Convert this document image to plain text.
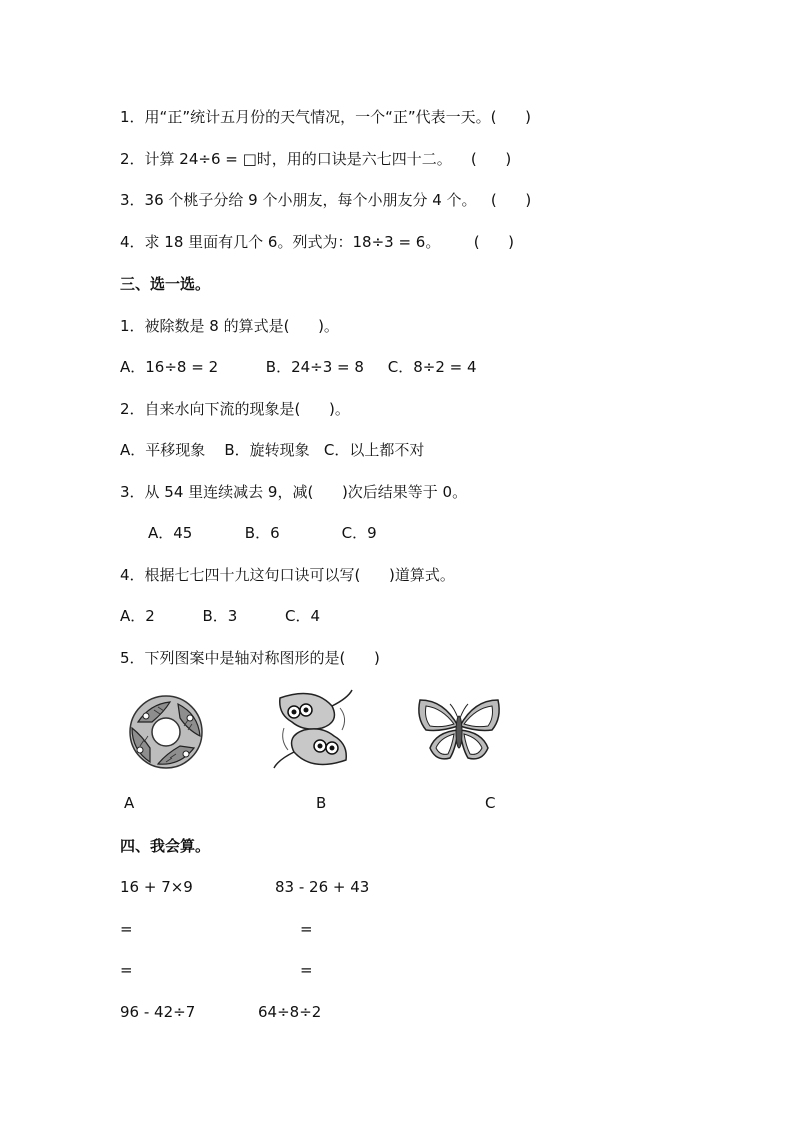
1．用“正”统计五月份的天气情况，一个“正”代表一天。(      )
2．计算 24÷6 = □时，用的口诀是六七四十二。    (      )
3．36 个桃子分给 9 个小朋友，每个小朋友分 4 个。   (      )
4．求 18 里面有几个 6。列式为：18÷3 = 6。       (      )
三、选一选。
1．被除数是 8 的算式是(      )。
A．16÷8 = 2          B．24÷3 = 8     C．8÷2 = 4
2．自来水向下流的现象是(      )。
A．平移现象    B．旋转现象   C．以上都不对
3．从 54 里连续减去 9，减(      )次后结果等于 0。
A．45           B．6             C．9
4．根据七七四十九这句口诀可以写(      )道算式。
A．2          B．3          C．4
5．下列图案中是轴对称图形的是(      )
A	B	C
四、我会算。
16 + 7×9	83 - 26 + 43
=	=
=	=
96 - 42÷7	64÷8÷2
